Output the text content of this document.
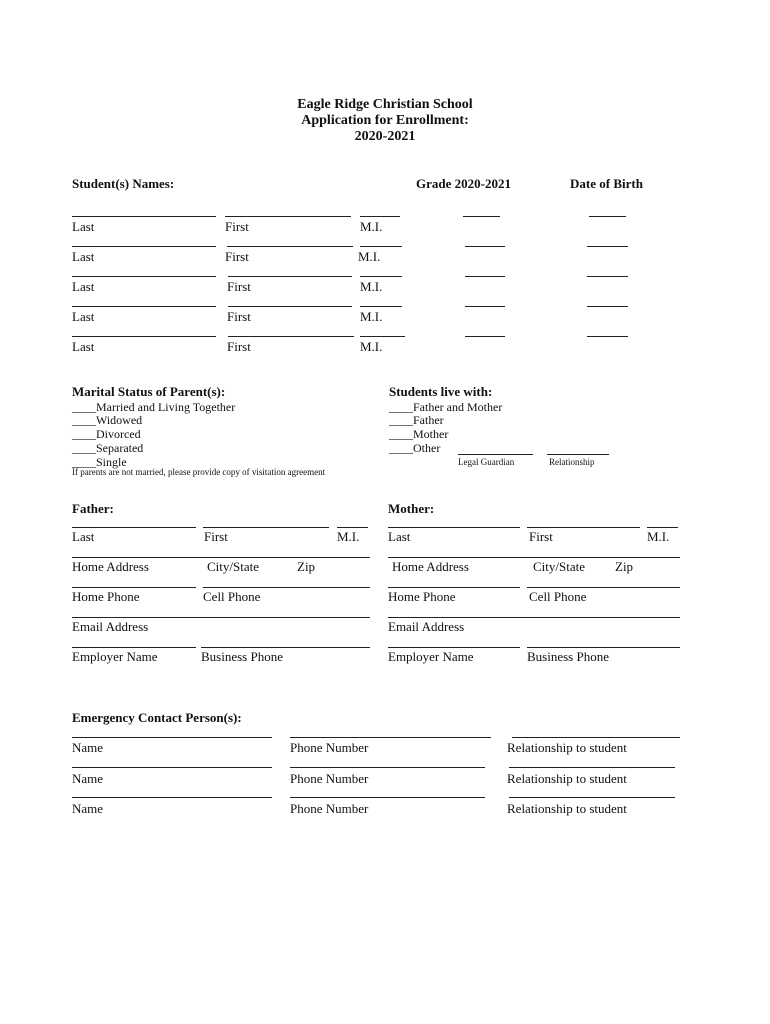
Eagle Ridge Christian School
Application for Enrollment:
2020-2021
Student(s) Names:	Grade 2020-2021	Date of Birth
Last	First	M.I.
Last	First	M.I.
Last	First	M.I.
Last	First	M.I.
Last	First	M.I.
Marital Status of Parent(s):
____Married and Living Together
____Widowed
____Divorced
____Separated
____Single
If parents are not married, please provide copy of visitation agreement
Students live with:
____Father and Mother
____Father
____Mother
____Other
Legal Guardian	Relationship
Father:
Last	First	M.I.
Home Address	City/State	Zip
Home Phone	Cell Phone
Email Address
Employer Name	Business Phone
Mother:
Last	First	M.I.
Home Address	City/State Zip
Home Phone	Cell Phone
Email Address
Employer Name	Business Phone
Emergency Contact Person(s):
Name	Phone Number	Relationship to student
Name	Phone Number	Relationship to student
Name	Phone Number	Relationship to student
